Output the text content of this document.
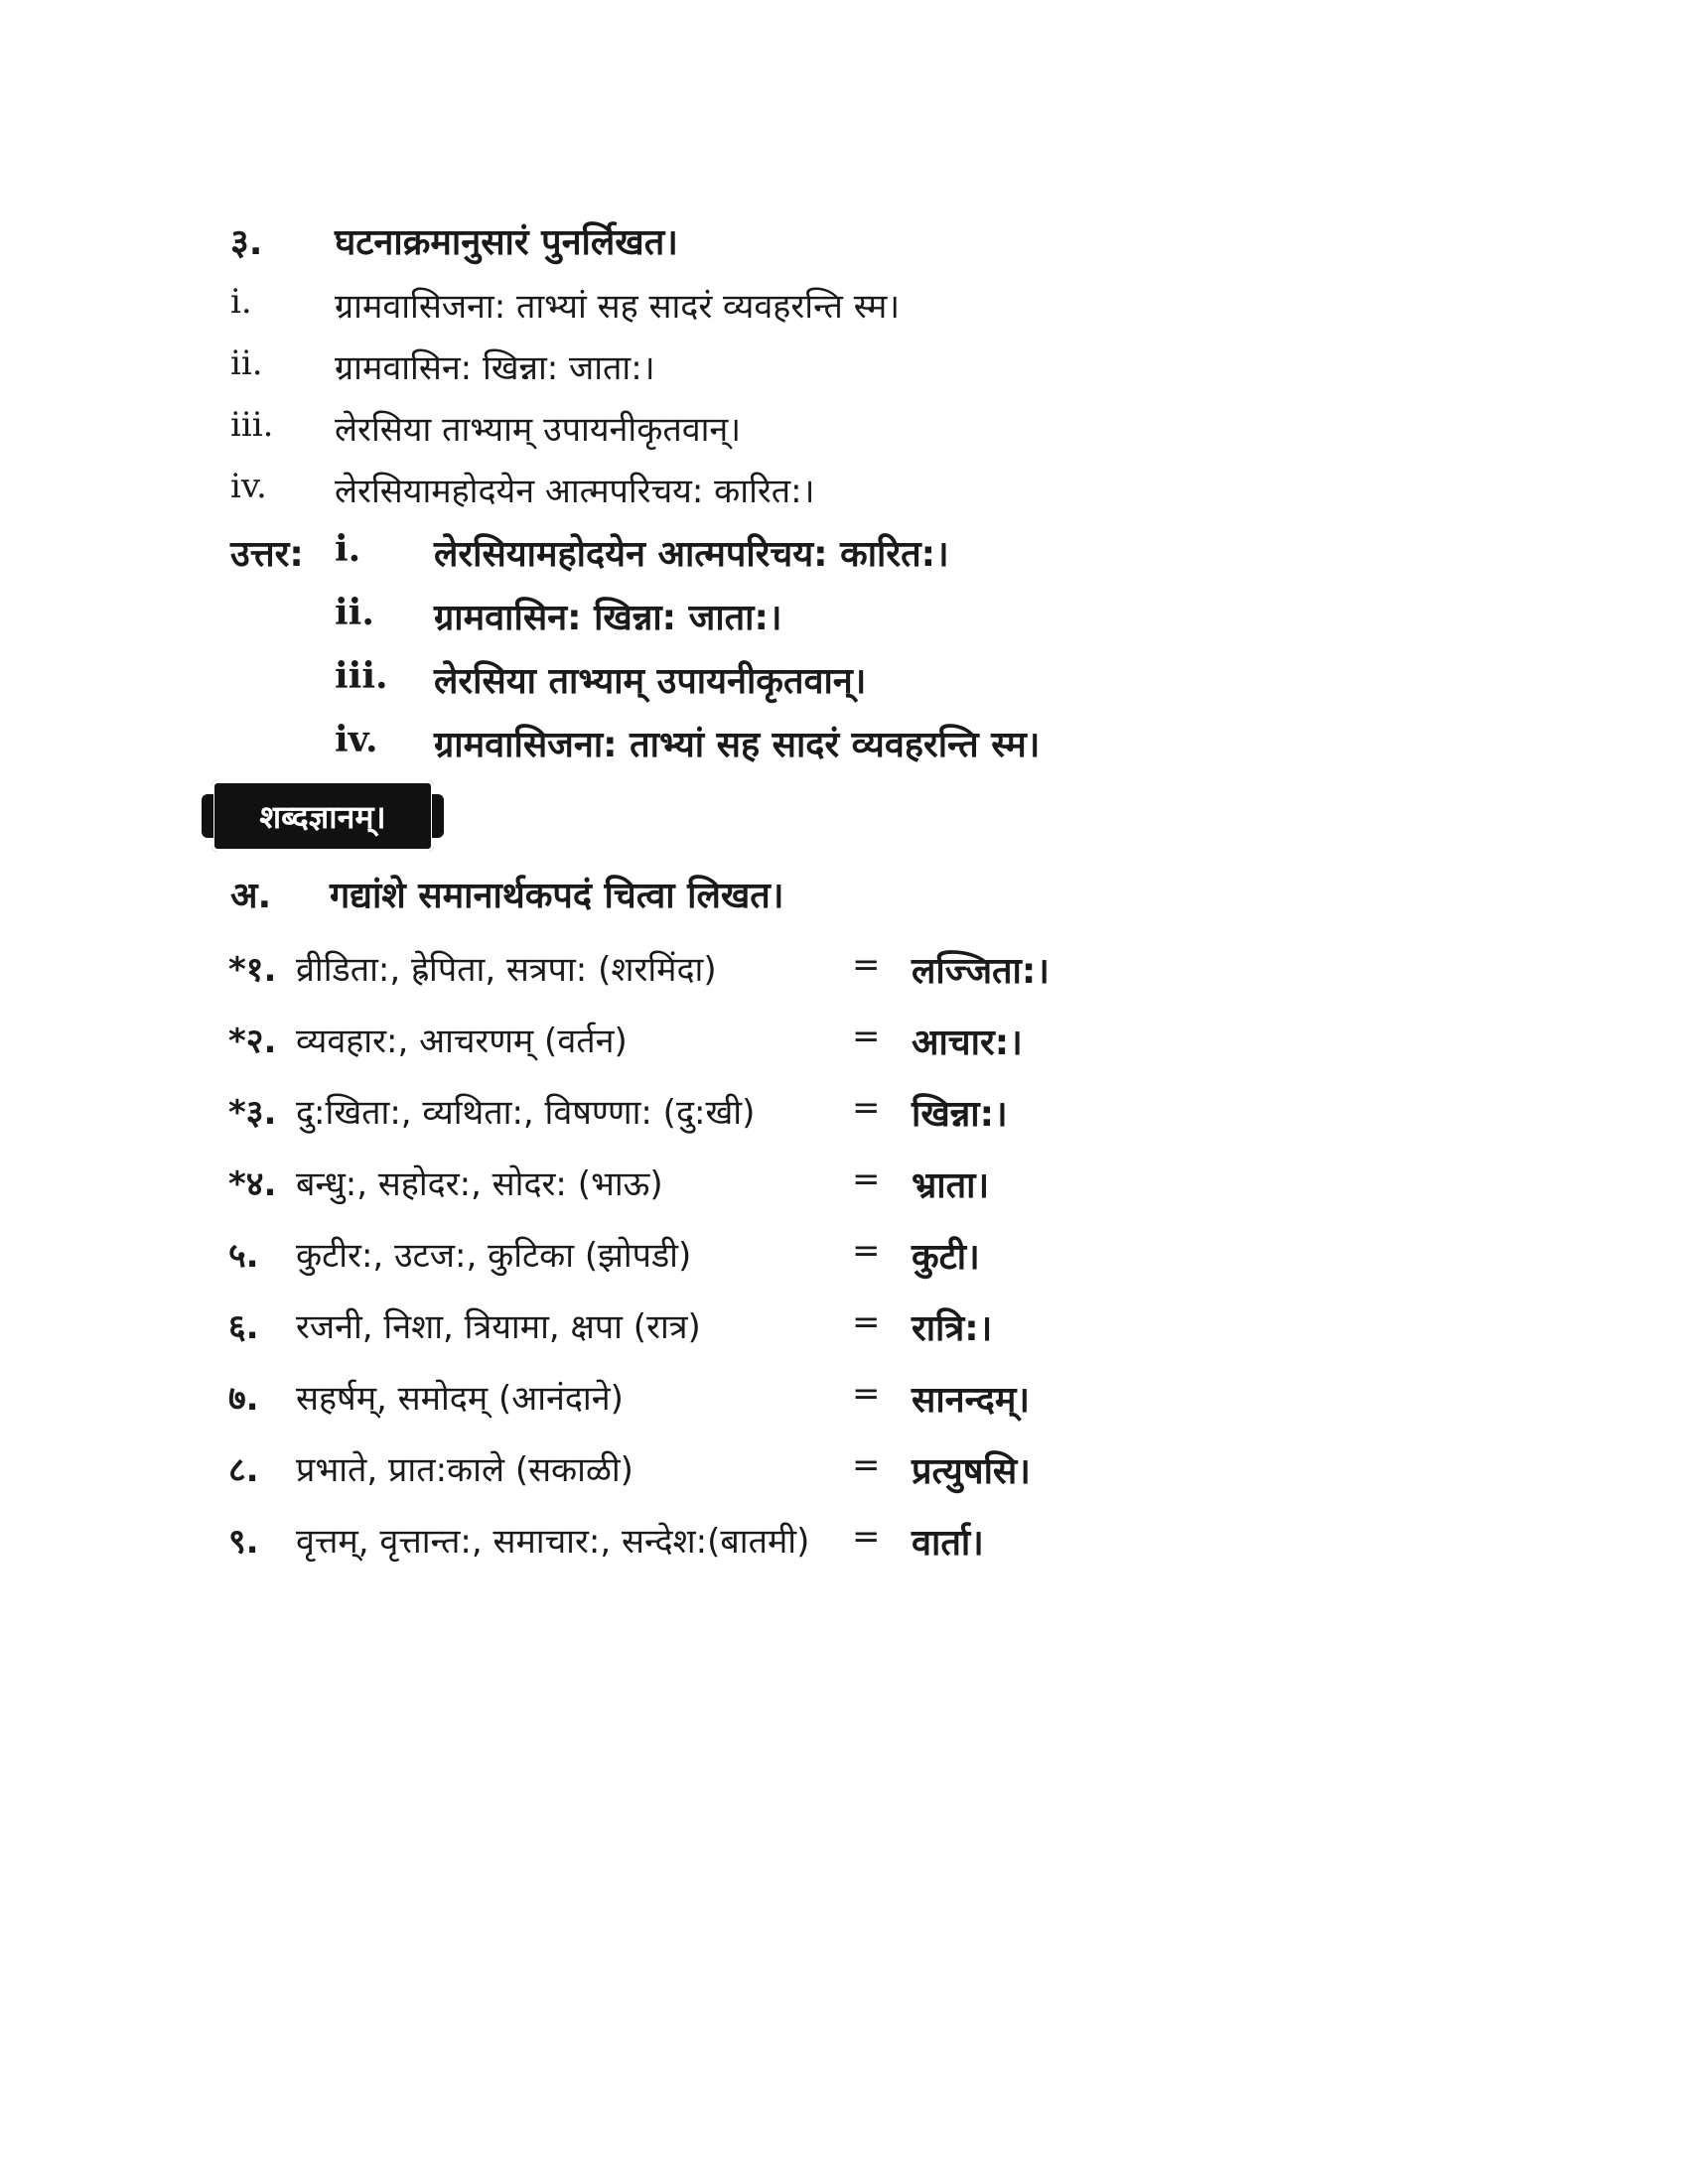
३. घटनाक्रमानुसारं पुनर्लिखत।
i. ग्रामवासिजना: ताभ्यां सह सादरं व्यवहरन्ति स्म।
ii. ग्रामवासिन: खिन्ना: जाता:।
iii. लेरसिया ताभ्याम् उपायनीकृतवान्।
iv. लेरसियामहोदयेन आत्मपरिचय: कारित:।
उत्तर: i. लेरसियामहोदयेन आत्मपरिचय: कारित:।
ii. ग्रामवासिन: खिन्ना: जाता:।
iii. लेरसिया ताभ्याम् उपायनीकृतवान्।
iv. ग्रामवासिजना: ताभ्यां सह सादरं व्यवहरन्ति स्म।
शब्दज्ञानम्।
अ. गद्यांशे समानार्थकपदं चित्वा लिखत।
*१. व्रीडिता:, ह्रेपिता, सत्रपा: (शरमिंदा)	= लज्जिता:।
*२. व्यवहार:, आचरणम् (वर्तन)	= आचार:।
*३. दु:खिता:, व्यथिता:, विषण्णा: (दु:खी)	= खिन्ना:।
*४. बन्धु:, सहोदर:, सोदर: (भाऊ)	= भ्राता।
५. कुटीर:, उटज:, कुटिका (झोपडी)	= कुटी।
६. रजनी, निशा, त्रियामा, क्षपा (रात्र)	= रात्रि:।
७. सहर्षम्, समोदम् (आनंदाने)	= सानन्दम्।
८. प्रभाते, प्रात:काले (सकाळी)	= प्रत्युषसि।
९. वृत्तम्, वृत्तान्त:, समाचार:, सन्देश:(बातमी) = वार्ता।
